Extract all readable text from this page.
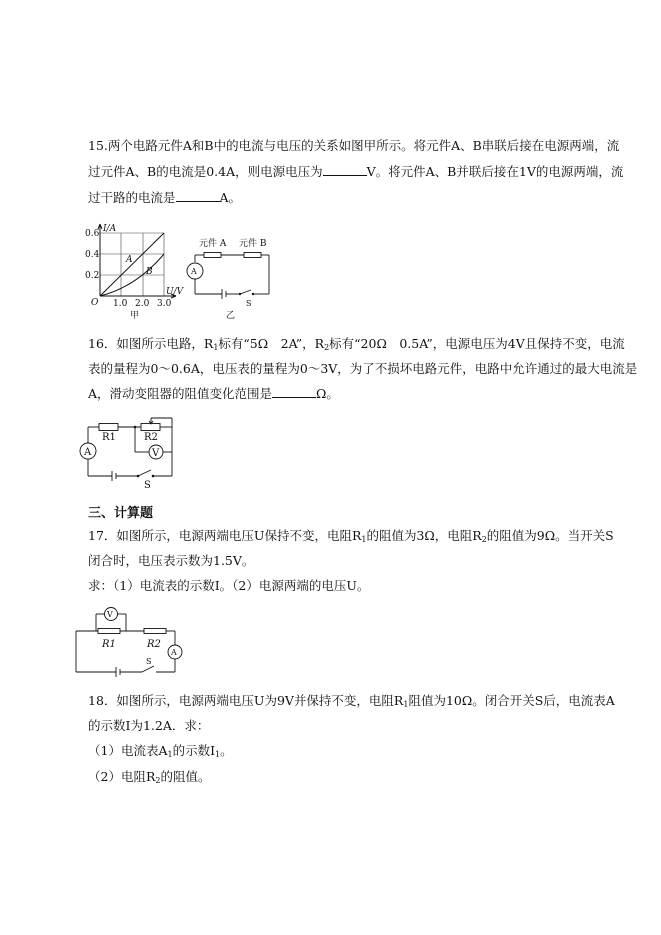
15.两个电路元件A和B中的电流与电压的关系如图甲所示。将元件A、B串联后接在电源两端，流
过元件A、B的电流是0.4A，则电源电压为	V。将元件A、B并联后接在1V的电源两端，流
过干路的电流是	A。
I/A
U/V
0.6
0.4
0.2
O 1.0 2.0 3.0
A
B
甲
元件 A 元件 B
A
S
乙
16．如图所示电路，$R_1$标有“5Ω　2A”，$R_2$标有“20Ω　0.5A”，电源电压为4V且保持不变，电流
表的量程为0～0.6A，电压表的量程为0～3V，为了不损坏电路元件，电路中允许通过的最大电流是
A，滑动变阻器的阻值变化范围是	Ω。
R1	R2
A	V
S
三、计算题
17．如图所示，电源两端电压U保持不变，电阻$R_1$的阻值为3Ω，电阻$R_2$的阻值为9Ω。当开关S
闭合时，电压表示数为1.5V。
求：（1）电流表的示数I。（2）电源两端的电压U。
V
R1	R2
A
S
18．如图所示，电源两端电压U为9V并保持不变，电阻$R_1$阻值为10Ω。闭合开关S后，电流表A
的示数I为1.2A．求：
（1）电流表$A_1$的示数$I_1$。
（2）电阻$R_2$的阻值。
